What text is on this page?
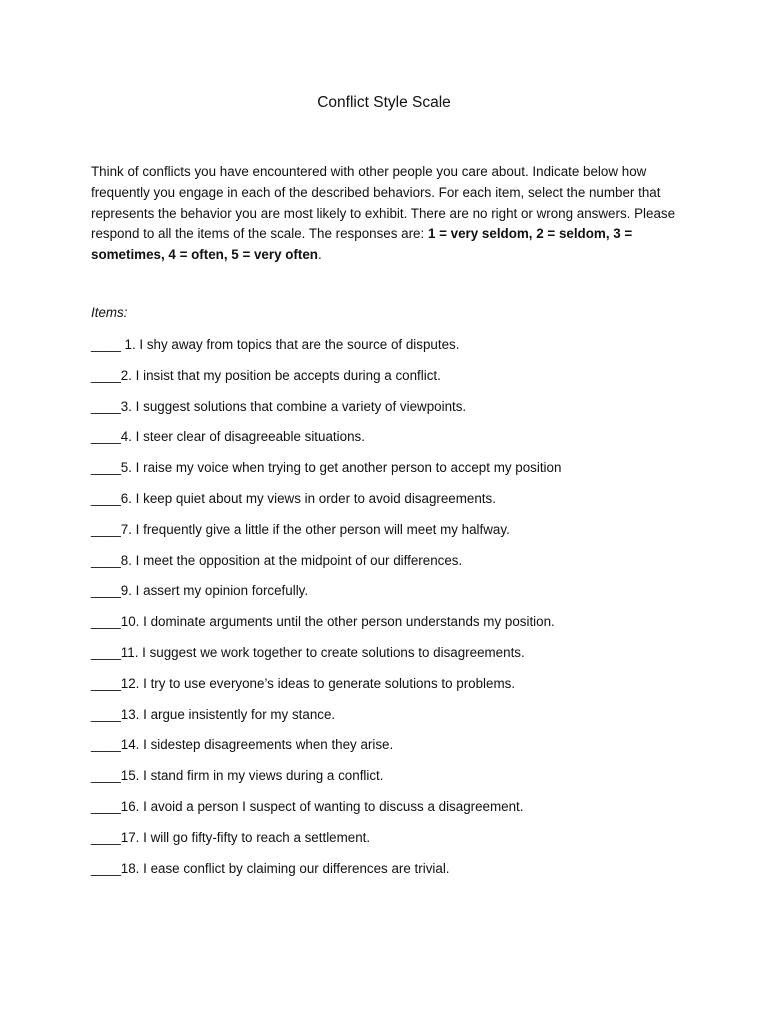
Conflict Style Scale

Think of conflicts you have encountered with other people you care about. Indicate below how frequently you engage in each of the described behaviors. For each item, select the number that represents the behavior you are most likely to exhibit. There are no right or wrong answers. Please respond to all the items of the scale. The responses are: 1 = very seldom, 2 = seldom, 3 = sometimes, 4 = often, 5 = very often.

Items:

____ 1. I shy away from topics that are the source of disputes.
____2. I insist that my position be accepts during a conflict.
____3. I suggest solutions that combine a variety of viewpoints.
____4. I steer clear of disagreeable situations.
____5. I raise my voice when trying to get another person to accept my position
____6. I keep quiet about my views in order to avoid disagreements.
____7. I frequently give a little if the other person will meet my halfway.
____8. I meet the opposition at the midpoint of our differences.
____9. I assert my opinion forcefully.
____10. I dominate arguments until the other person understands my position.
____11. I suggest we work together to create solutions to disagreements.
____12. I try to use everyone’s ideas to generate solutions to problems.
____13. I argue insistently for my stance.
____14. I sidestep disagreements when they arise.
____15. I stand firm in my views during a conflict.
____16. I avoid a person I suspect of wanting to discuss a disagreement.
____17. I will go fifty-fifty to reach a settlement.
____18. I ease conflict by claiming our differences are trivial.
